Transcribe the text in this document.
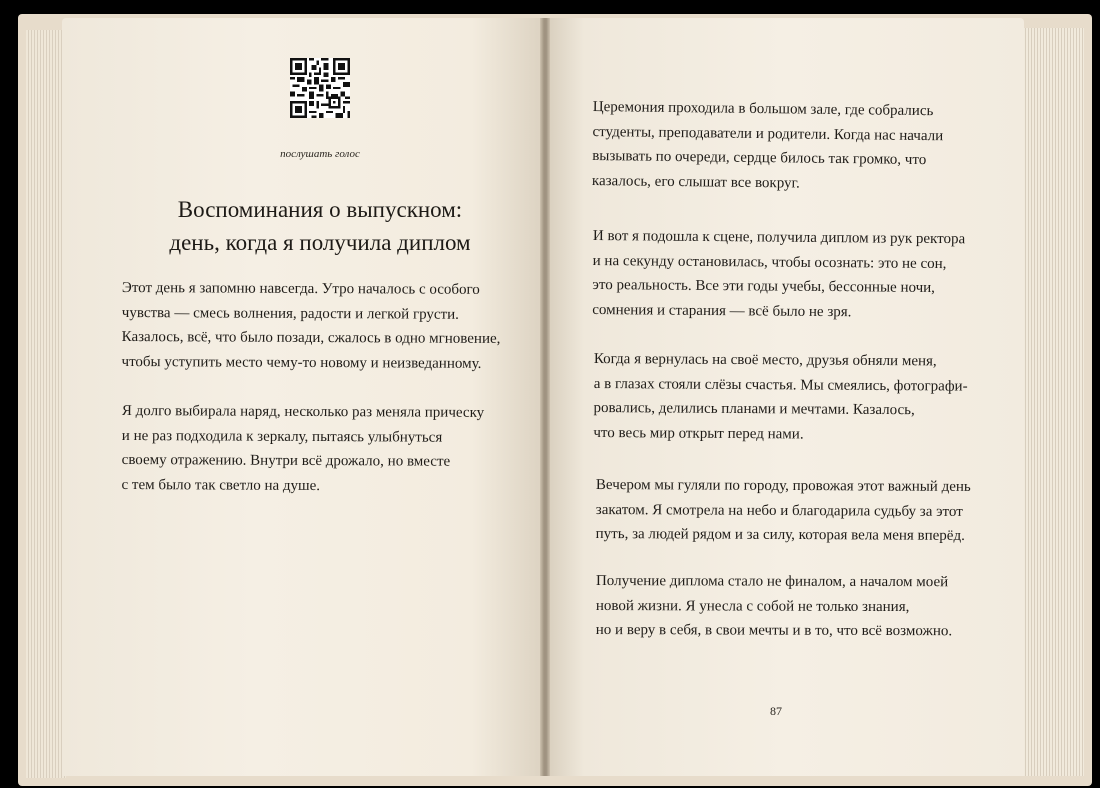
послушать голос
Воспоминания о выпускном:
день, когда я получила диплом
Этот день я запомню навсегда. Утро началось с особого
чувства — смесь волнения, радости и легкой грусти.
Казалось, всё, что было позади, сжалось в одно мгновение,
чтобы уступить место чему-то новому и неизведанному.
Я долго выбирала наряд, несколько раз меняла прическу
и не раз подходила к зеркалу, пытаясь улыбнуться
своему отражению. Внутри всё дрожало, но вместе
с тем было так светло на душе.
Церемония проходила в большом зале, где собрались
студенты, преподаватели и родители. Когда нас начали
вызывать по очереди, сердце билось так громко, что
казалось, его слышат все вокруг.
И вот я подошла к сцене, получила диплом из рук ректора
и на секунду остановилась, чтобы осознать: это не сон,
это реальность. Все эти годы учебы, бессонные ночи,
сомнения и старания — всё было не зря.
Когда я вернулась на своё место, друзья обняли меня,
а в глазах стояли слёзы счастья. Мы смеялись, фотографи-
ровались, делились планами и мечтами. Казалось,
что весь мир открыт перед нами.
Вечером мы гуляли по городу, провожая этот важный день
закатом. Я смотрела на небо и благодарила судьбу за этот
путь, за людей рядом и за силу, которая вела меня вперёд.
Получение диплома стало не финалом, а началом моей
новой жизни. Я унесла с собой не только знания,
но и веру в себя, в свои мечты и в то, что всё возможно.
87
